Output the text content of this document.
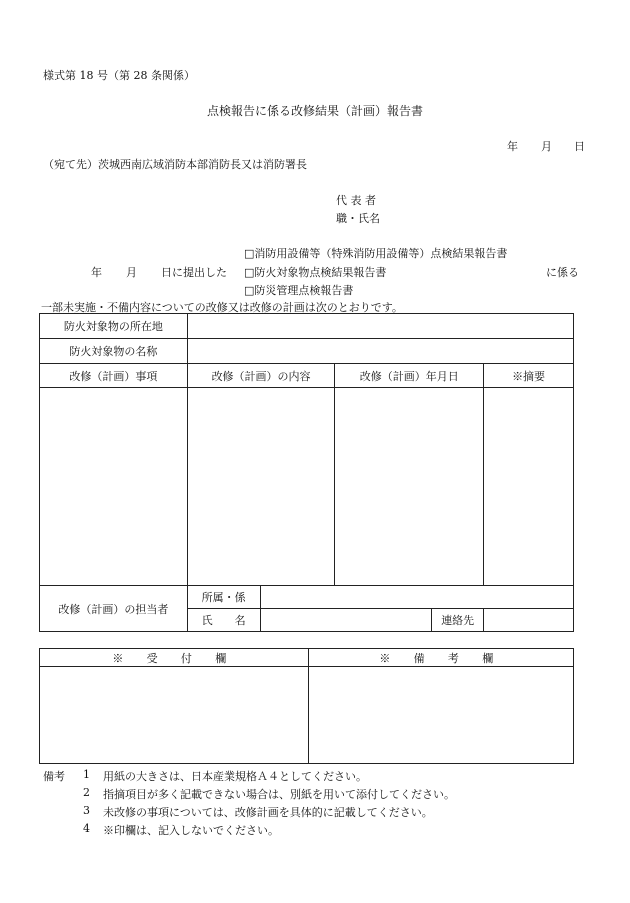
様式第 18 号（第 28 条関係）
点検報告に係る改修結果（計画）報告書
年 月 日
（宛て先）茨城西南広域消防本部消防長又は消防署長
代 表 者
職・氏名
□消防用設備等（特殊消防用設備等）点検結果報告書
年 月 日に提出した □防火対象物点検結果報告書	に係る
□防災管理点検報告書
一部未実施・不備内容についての改修又は改修の計画は次のとおりです。
防火対象物の所在地					
防火対象物の名称					
改修（計画）事項	改修（計画）の内容		改修（計画）年月日		※摘要

改修（計画）の担当者	所属・係				
	氏　　名			連絡先	
※ 受 付 欄	※ 備 考 欄

備考 1 用紙の大きさは、日本産業規格Ａ４としてください。
2 指摘項目が多く記載できない場合は、別紙を用いて添付してください。
3 未改修の事項については、改修計画を具体的に記載してください。
4 ※印欄は、記入しないでください。
